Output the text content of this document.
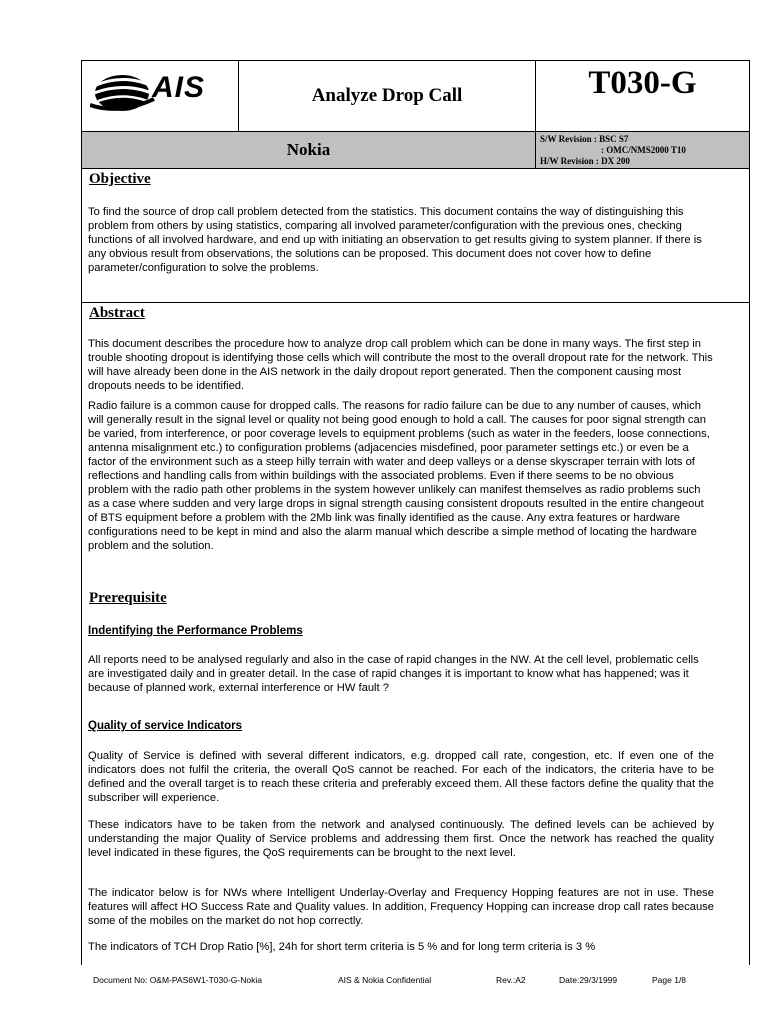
AIS	Analyze Drop Call	T030-G
Nokia
S/W Revision : BSC S7
: OMC/NMS2000 T10
H/W Revision : DX 200
Objective

To find the source of drop call problem detected from the statistics. This document contains the way of distinguishing this problem from others by using statistics, comparing all involved parameter/configuration with the previous ones, checking functions of all involved hardware, and end up with initiating an observation to get results giving to system planner. If there is any obvious result from observations, the solutions can be proposed. This document does not cover how to define parameter/configuration to solve the problems.

Abstract

This document describes the procedure how to analyze drop call problem which can be done in many ways. The first step in trouble shooting dropout is identifying those cells which will contribute the most to the overall dropout rate for the network. This will have already been done in the AIS network in the daily dropout report generated. Then the component causing most dropouts needs to be identified.

Radio failure is a common cause for dropped calls. The reasons for radio failure can be due to any number of causes, which will generally result in the signal level or quality not being good enough to hold a call. The causes for poor signal strength can be varied, from interference, or poor coverage levels to equipment problems (such as water in the feeders, loose connections, antenna misalignment etc.) to configuration problems (adjacencies misdefined, poor parameter settings etc.) or even be a factor of the environment such as a steep hilly terrain with water and deep valleys or a dense skyscraper terrain with lots of reflections and handling calls from within buildings with the associated problems. Even if there seems to be no obvious problem with the radio path other problems in the system however unlikely can manifest themselves as radio problems such as a case where sudden and very large drops in signal strength causing consistent dropouts resulted in the entire changeout of BTS equipment before a problem with the 2Mb link was finally identified as the cause. Any extra features or hardware configurations need to be kept in mind and also the alarm manual which describe a simple method of locating the hardware problem and the solution.

Prerequisite
Indentifying the Performance Problems

All reports need to be analysed regularly and also in the case of rapid changes in the NW. At the cell level, problematic cells are investigated daily and in greater detail. In the case of rapid changes it is important to know what has happened; was it because of planned work, external interference or HW fault ?

Quality of service Indicators

Quality of Service is defined with several different indicators, e.g. dropped call rate, congestion, etc. If even one of the indicators does not fulfil the criteria, the overall QoS cannot be reached. For each of the indicators, the criteria have to be defined and the overall target is to reach these criteria and preferably exceed them. All these factors define the quality that the subscriber will experience.

These indicators have to be taken from the network and analysed continuously. The defined levels can be achieved by understanding the major Quality of Service problems and addressing them first. Once the network has reached the quality level indicated in these figures, the QoS requirements can be brought to the next level.

The indicator below is for NWs where Intelligent Underlay-Overlay and Frequency Hopping features are not in use. These features will affect HO Success Rate and Quality values. In addition, Frequency Hopping can increase drop call rates because some of the mobiles on the market do not hop correctly.

The indicators of TCH Drop Ratio [%], 24h for short term criteria is 5 % and for long term criteria is 3 %

Document No: O&M-PAS6W1-T030-G-Nokia	AIS & Nokia Confidential	Rev.:A2	Date:29/3/1999	Page 1/8
